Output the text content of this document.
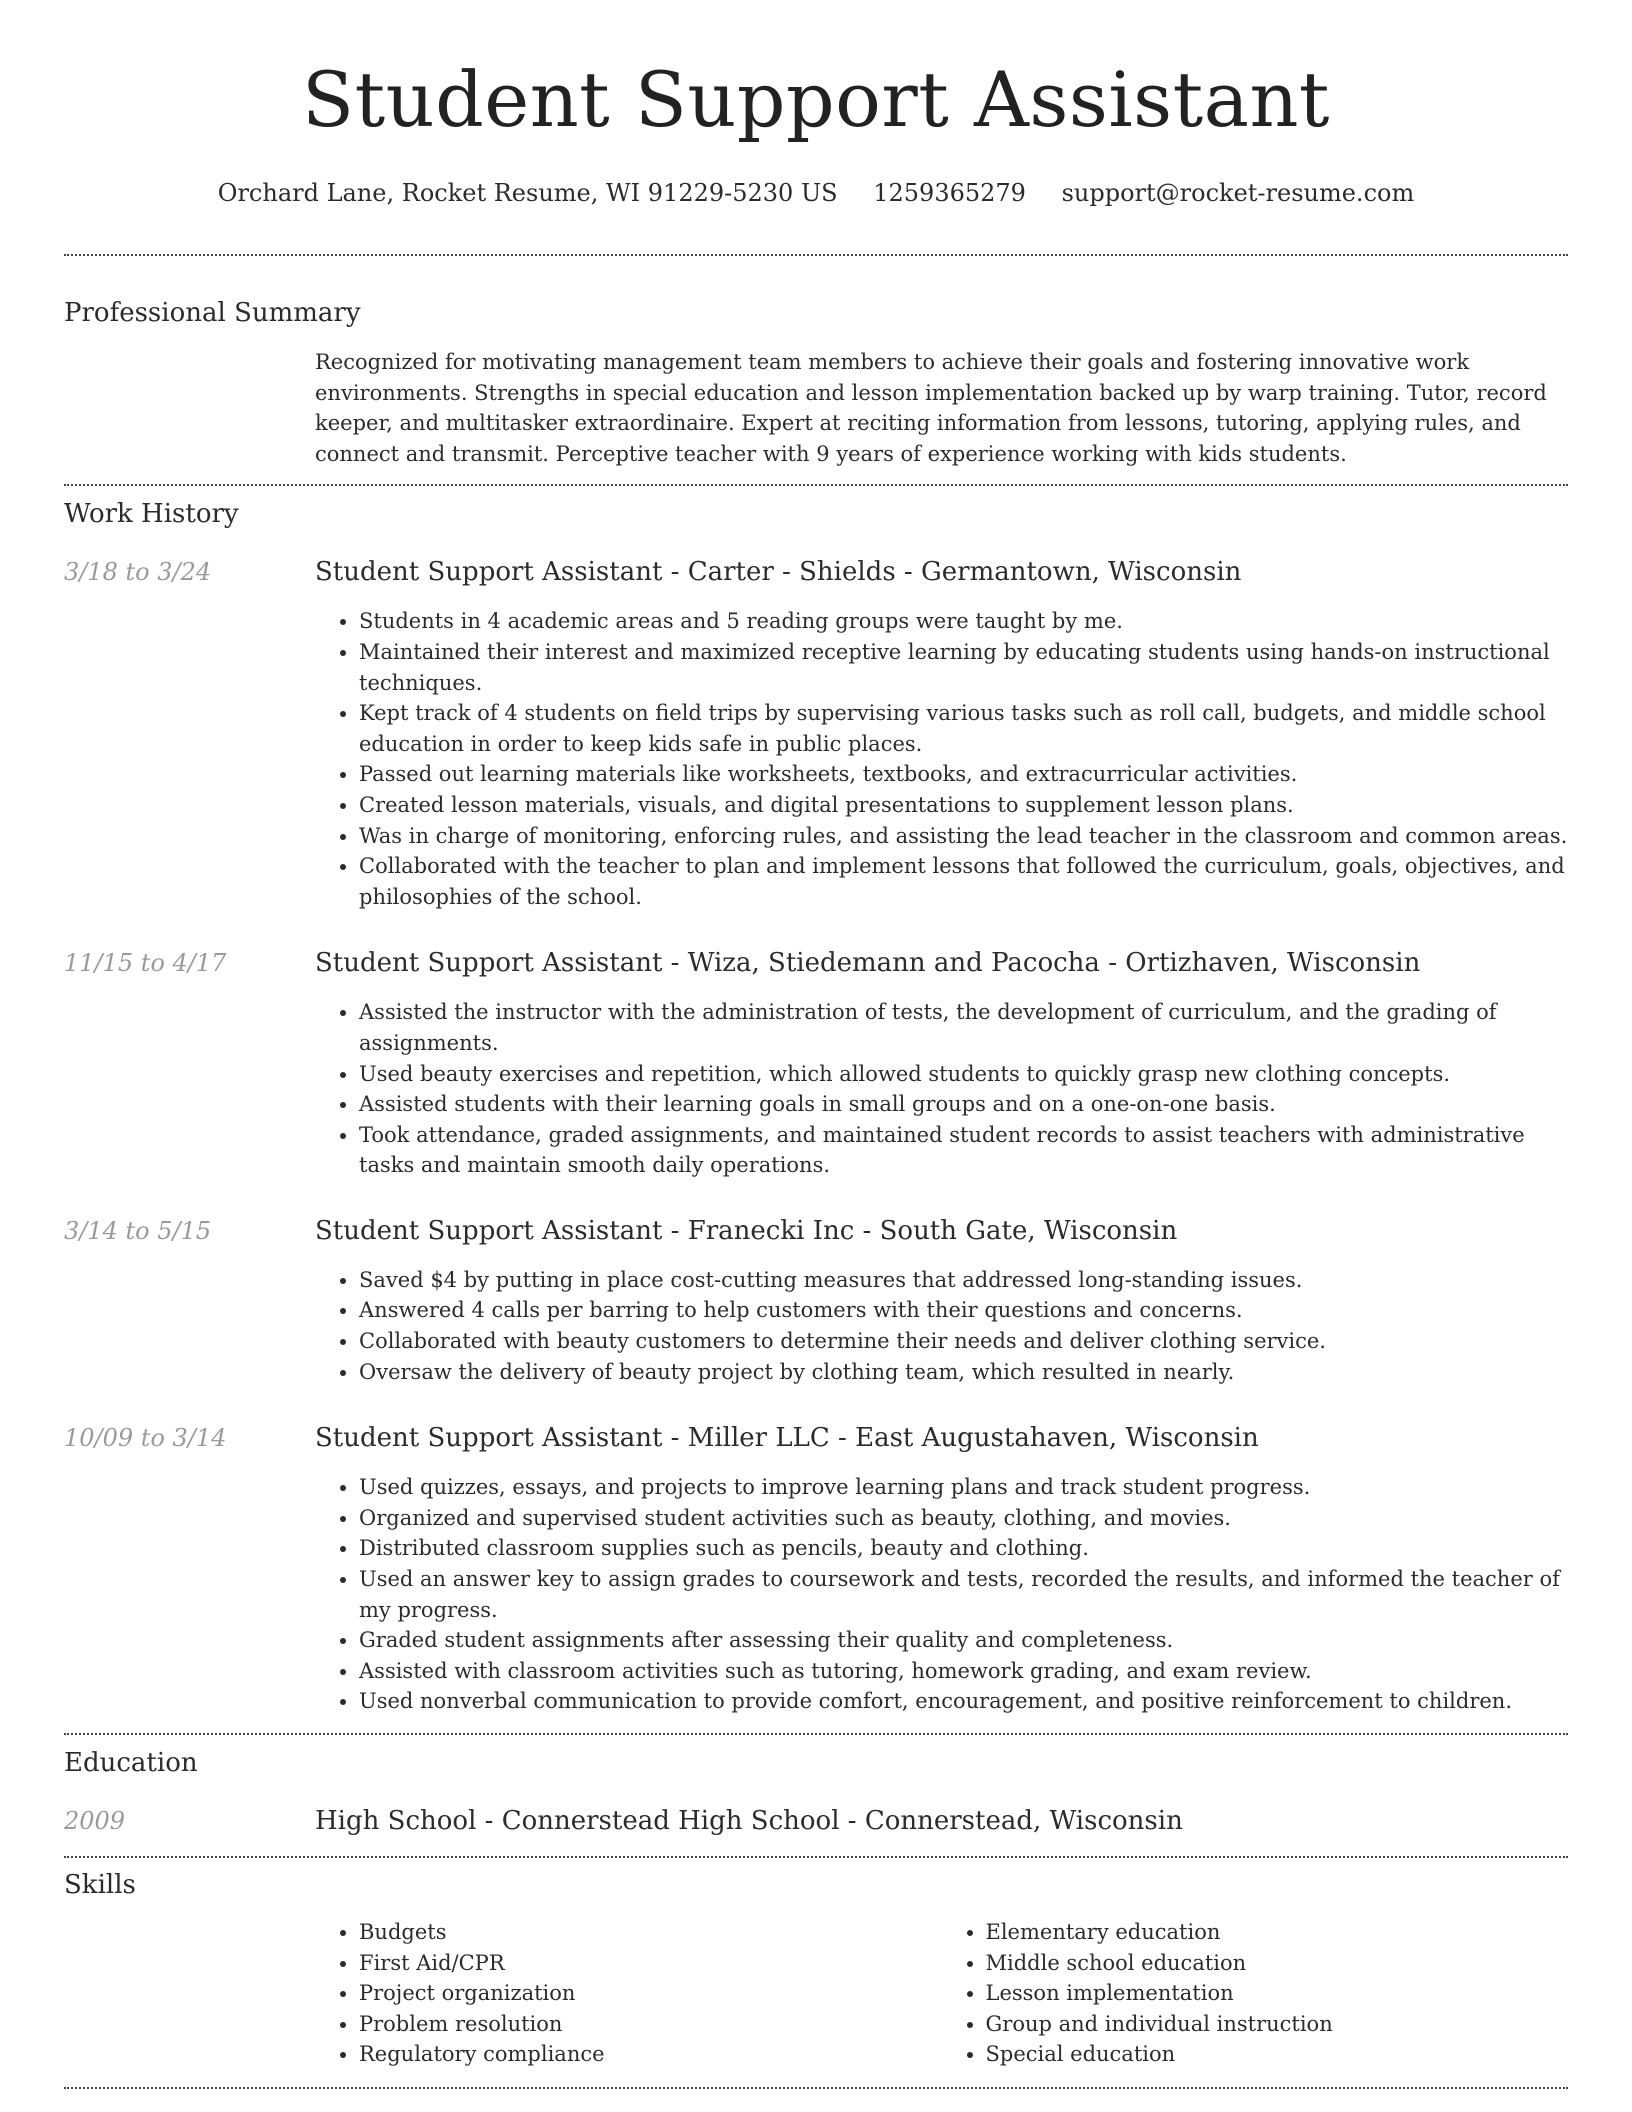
Student Support Assistant
Orchard Lane, Rocket Resume, WI 91229-5230 US 1259365279 support@rocket-resume.com
Professional Summary
Recognized for motivating management team members to achieve their goals and fostering innovative work environments. Strengths in special education and lesson implementation backed up by warp training. Tutor, record keeper, and multitasker extraordinaire. Expert at reciting information from lessons, tutoring, applying rules, and connect and transmit. Perceptive teacher with 9 years of experience working with kids students.
Work History
3/18 to 3/24	Student Support Assistant - Carter - Shields - Germantown, Wisconsin
• Students in 4 academic areas and 5 reading groups were taught by me.
• Maintained their interest and maximized receptive learning by educating students using hands-on instructional techniques.
• Kept track of 4 students on field trips by supervising various tasks such as roll call, budgets, and middle school education in order to keep kids safe in public places.
• Passed out learning materials like worksheets, textbooks, and extracurricular activities.
• Created lesson materials, visuals, and digital presentations to supplement lesson plans.
• Was in charge of monitoring, enforcing rules, and assisting the lead teacher in the classroom and common areas.
• Collaborated with the teacher to plan and implement lessons that followed the curriculum, goals, objectives, and philosophies of the school.
11/15 to 4/17	Student Support Assistant - Wiza, Stiedemann and Pacocha - Ortizhaven, Wisconsin
• Assisted the instructor with the administration of tests, the development of curriculum, and the grading of assignments.
• Used beauty exercises and repetition, which allowed students to quickly grasp new clothing concepts.
• Assisted students with their learning goals in small groups and on a one-on-one basis.
• Took attendance, graded assignments, and maintained student records to assist teachers with administrative tasks and maintain smooth daily operations.
3/14 to 5/15	Student Support Assistant - Franecki Inc - South Gate, Wisconsin
• Saved $4 by putting in place cost-cutting measures that addressed long-standing issues.
• Answered 4 calls per barring to help customers with their questions and concerns.
• Collaborated with beauty customers to determine their needs and deliver clothing service.
• Oversaw the delivery of beauty project by clothing team, which resulted in nearly.
10/09 to 3/14	Student Support Assistant - Miller LLC - East Augustahaven, Wisconsin
• Used quizzes, essays, and projects to improve learning plans and track student progress.
• Organized and supervised student activities such as beauty, clothing, and movies.
• Distributed classroom supplies such as pencils, beauty and clothing.
• Used an answer key to assign grades to coursework and tests, recorded the results, and informed the teacher of my progress.
• Graded student assignments after assessing their quality and completeness.
• Assisted with classroom activities such as tutoring, homework grading, and exam review.
• Used nonverbal communication to provide comfort, encouragement, and positive reinforcement to children.
Education
2009	High School - Connerstead High School - Connerstead, Wisconsin
Skills
• Budgets
• First Aid/CPR
• Project organization
• Problem resolution
• Regulatory compliance
• Elementary education
• Middle school education
• Lesson implementation
• Group and individual instruction
• Special education
